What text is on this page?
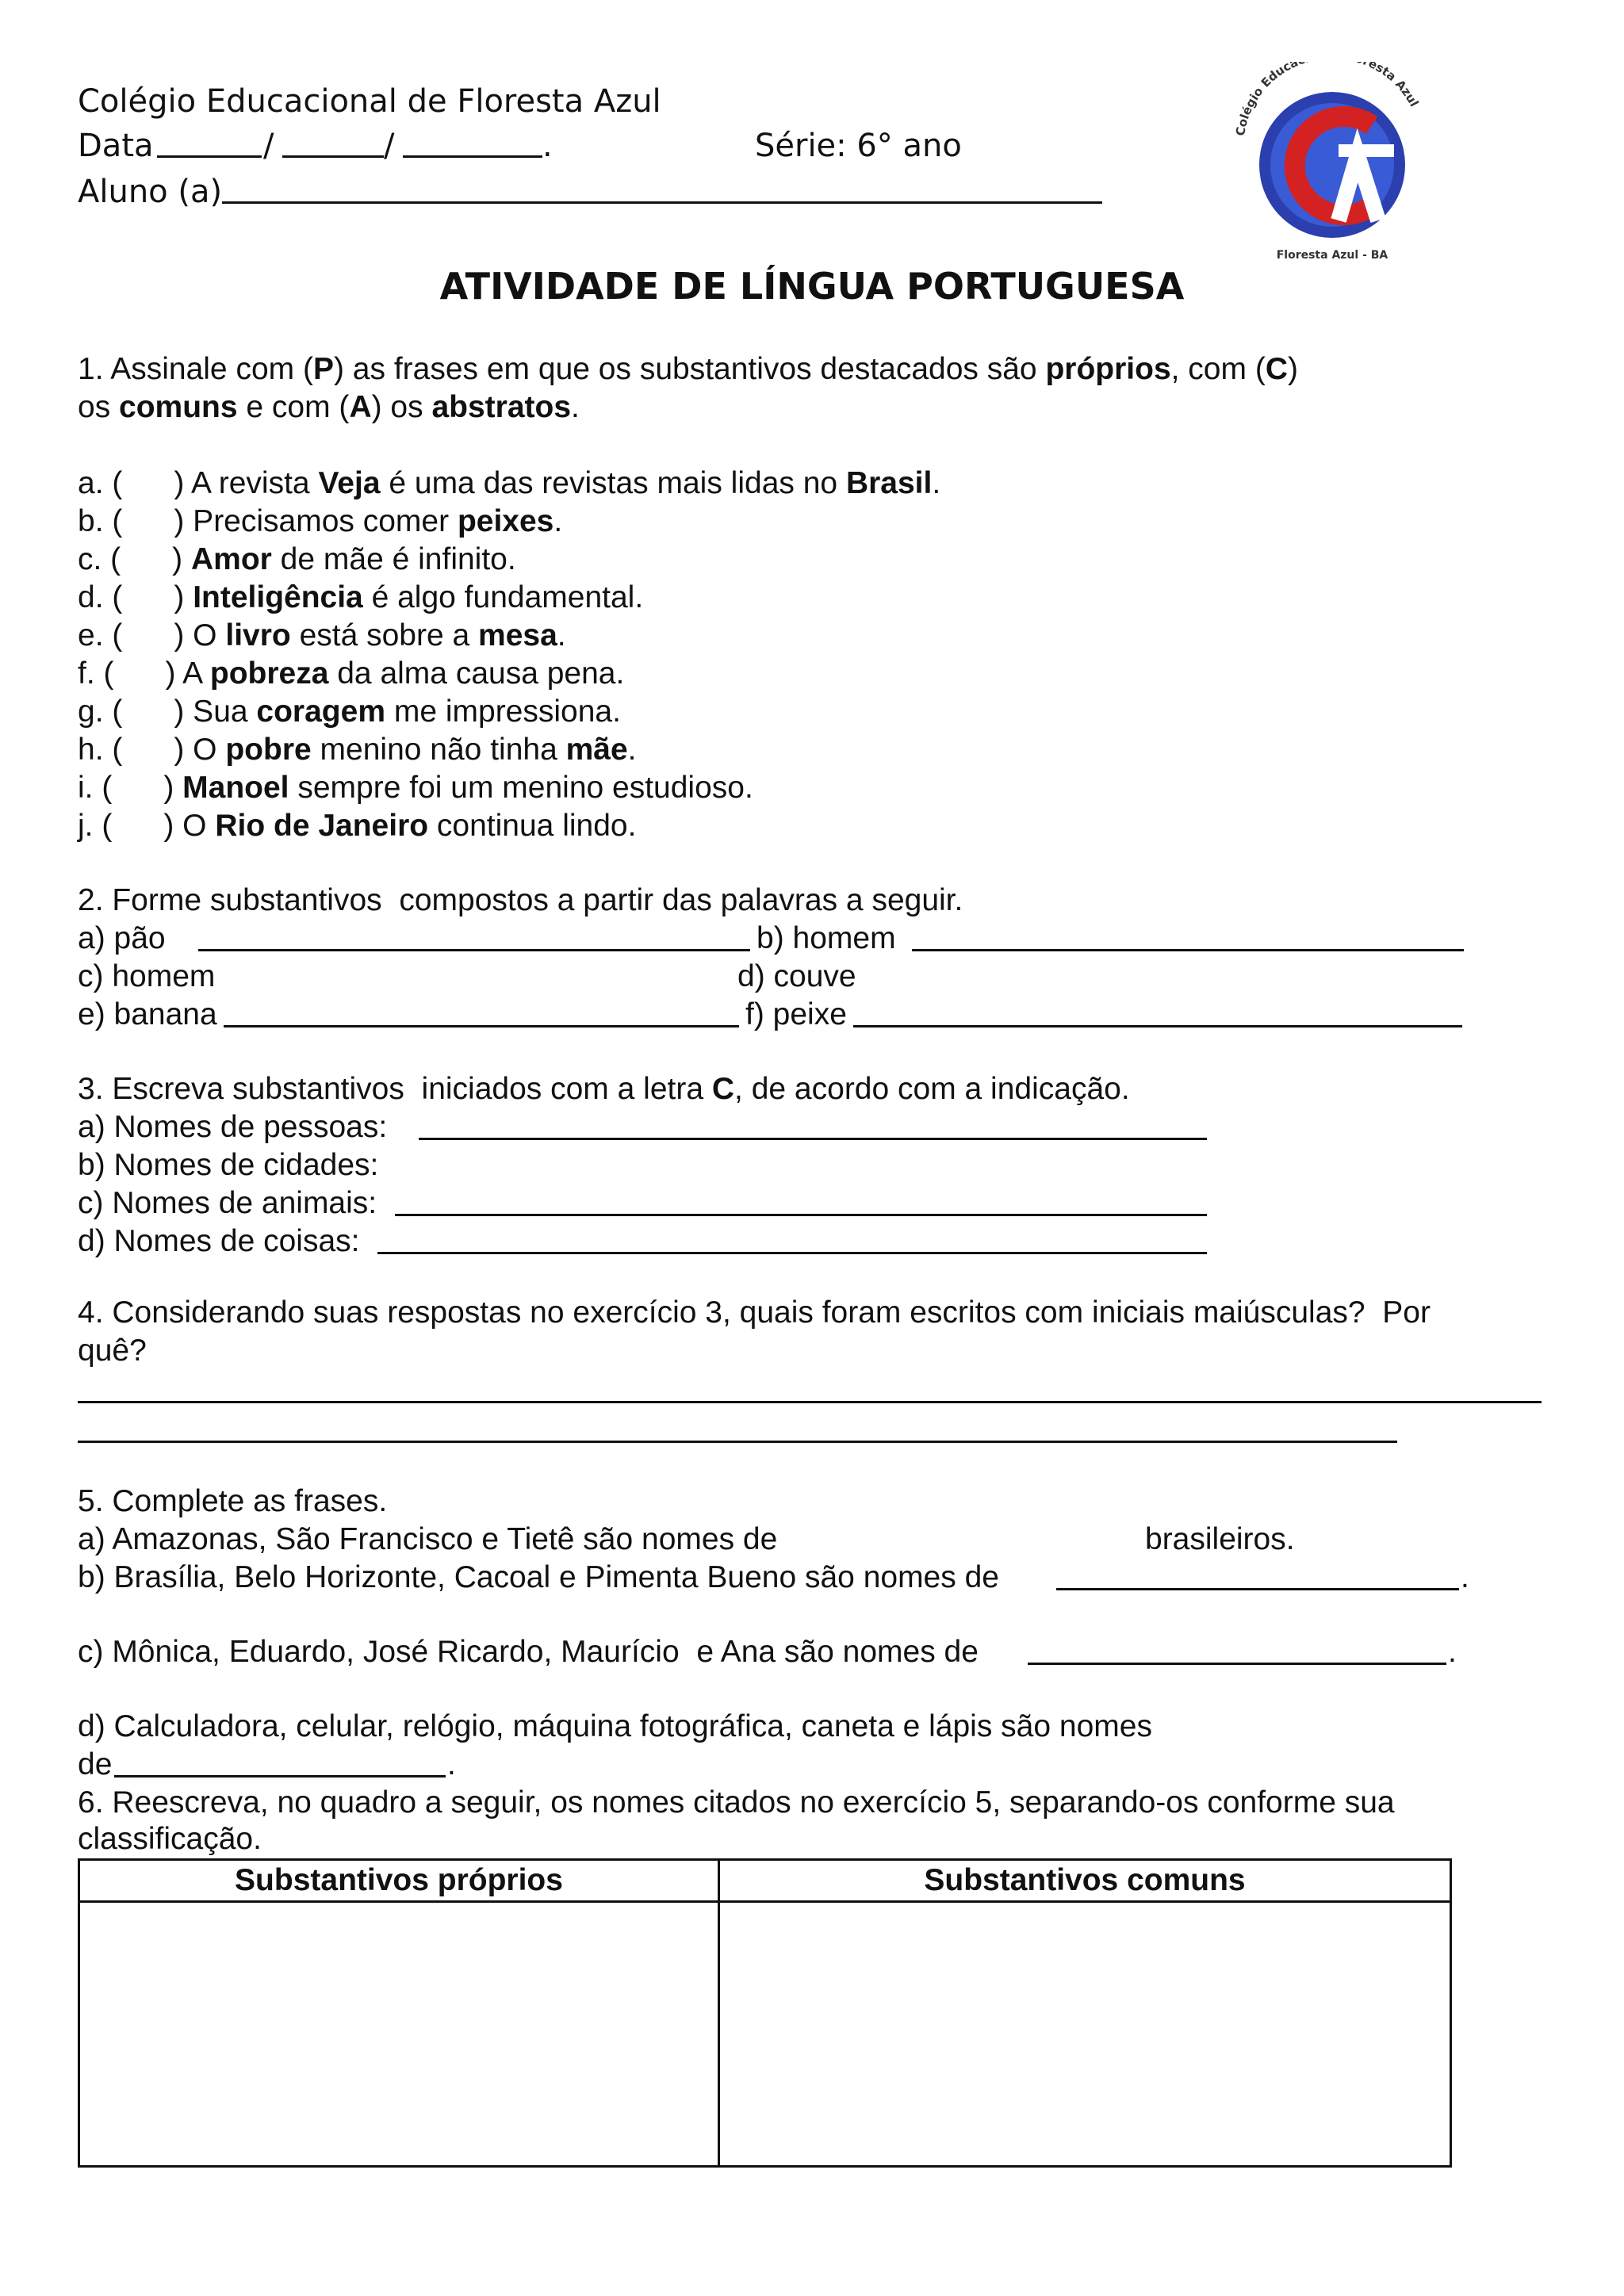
Colégio Educacional de Floresta Azul
Data	/	/	.	Série: 6° ano
Aluno (a)
Colégio Educa esta Azul
Floresta Azul - BA
ATIVIDADE DE LÍNGUA PORTUGUESA
1. Assinale com (P) as frases em que os substantivos destacados são próprios, com (C)
os comuns e com (A) os abstratos.
a. (      ) A revista Veja é uma das revistas mais lidas no Brasil.
b. (      ) Precisamos comer peixes.
c. (      ) Amor de mãe é infinito.
d. (      ) Inteligência é algo fundamental.
e. (      ) O livro está sobre a mesa.
f. (      ) A pobreza da alma causa pena.
g. (      ) Sua coragem me impressiona.
h. (      ) O pobre menino não tinha mãe.
i. (      ) Manoel sempre foi um menino estudioso.
j. (      ) O Rio de Janeiro continua lindo.
2. Forme substantivos  compostos a partir das palavras a seguir.
a) pão	b) homem
c) homem	d) couve
e) banana	f) peixe
3. Escreva substantivos  iniciados com a letra C, de acordo com a indicação.
a) Nomes de pessoas:
b) Nomes de cidades:
c) Nomes de animais:
d) Nomes de coisas:
4. Considerando suas respostas no exercício 3, quais foram escritos com iniciais maiúsculas?  Por
quê?
5. Complete as frases.
a) Amazonas, São Francisco e Tietê são nomes de	brasileiros.
b) Brasília, Belo Horizonte, Cacoal e Pimenta Bueno são nomes de	.
c) Mônica, Eduardo, José Ricardo, Maurício  e Ana são nomes de	.
d) Calculadora, celular, relógio, máquina fotográfica, caneta e lápis são nomes
de	.
6. Reescreva, no quadro a seguir, os nomes citados no exercício 5, separando-os conforme sua
classificação.
Substantivos próprios	Substantivos comuns
